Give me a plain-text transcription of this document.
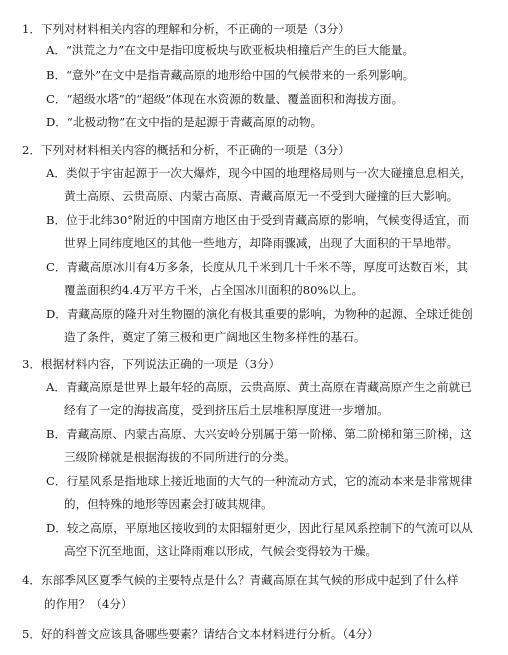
1．下列对材料相关内容的理解和分析，不正确的一项是（3分）
A．“洪荒之力”在文中是指印度板块与欧亚板块相撞后产生的巨大能量。
B．“意外”在文中是指青藏高原的地形给中国的气候带来的一系列影响。
C．“超级水塔”的“超级”体现在水资源的数量、覆盖面积和海拔方面。
D．“北极动物”在文中指的是起源于青藏高原的动物。
2．下列对材料相关内容的概括和分析，不正确的一项是（3分）
A．类似于宇宙起源于一次大爆炸，现今中国的地理格局则与一次大碰撞息息相关，
黄土高原、云贵高原、内蒙古高原、青藏高原无一不受到大碰撞的巨大影响。
B．位于北纬30°附近的中国南方地区由于受到青藏高原的影响，气候变得适宜，而
世界上同纬度地区的其他一些地方，却降雨骤减，出现了大面积的干旱地带。
C．青藏高原冰川有4万多条，长度从几千米到几十千米不等，厚度可达数百米，其
覆盖面积约4.4万平方千米，占全国冰川面积的80%以上。
D．青藏高原的隆升对生物圈的演化有极其重要的影响，为物种的起源、全球迁徙创
造了条件，奠定了第三极和更广阔地区生物多样性的基石。
3．根据材料内容，下列说法正确的一项是（3分）
A．青藏高原是世界上最年轻的高原，云贵高原、黄土高原在青藏高原产生之前就已
经有了一定的海拔高度，受到挤压后土层堆积厚度进一步增加。
B．青藏高原、内蒙古高原、大兴安岭分别属于第一阶梯、第二阶梯和第三阶梯，这
三级阶梯就是根据海拔的不同所进行的分类。
C．行星风系是指地球上接近地面的大气的一种流动方式，它的流动本来是非常规律
的，但特殊的地形等因素会打破其规律。
D．较之高原，平原地区接收到的太阳辐射更少，因此行星风系控制下的气流可以从
高空下沉至地面，这让降雨难以形成，气候会变得较为干燥。
4．东部季风区夏季气候的主要特点是什么？青藏高原在其气候的形成中起到了什么样
的作用？（4分）
5．好的科普文应该具备哪些要素？请结合文本材料进行分析。（4分）
